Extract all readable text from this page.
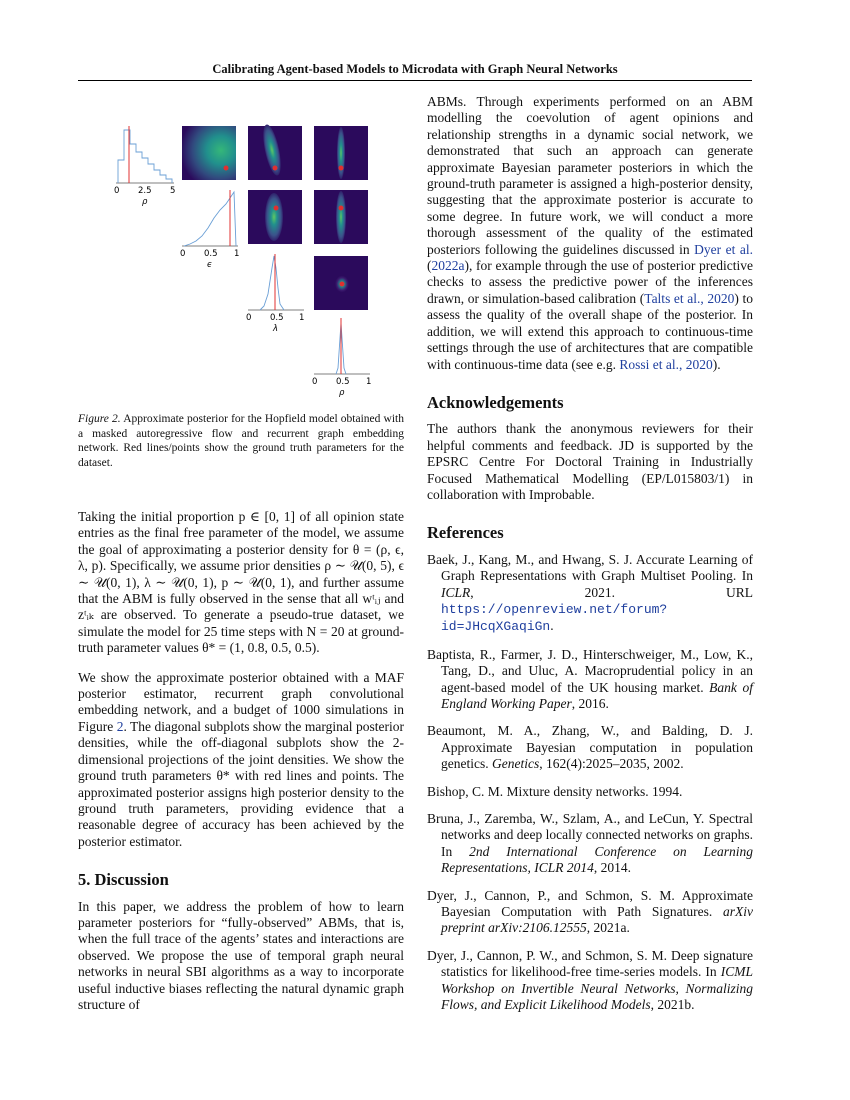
Calibrating Agent-based Models to Microdata with Graph Neural Networks
0 2.5 5
ρ
0 0.5 1
ϵ
0 0.5 1
λ
0 0.5 1
ρ
Figure 2. Approximate posterior for the Hopfield model obtained with a masked autoregressive flow and recurrent graph embedding network. Red lines/points show the ground truth parameters for the dataset.

Taking the initial proportion p ∈ [0, 1] of all opinion state entries as the final free parameter of the model, we assume the goal of approximating a posterior density for θ = (ρ, ϵ, λ, p). Specifically, we assume prior densities ρ ∼ 𝒰(0, 5), ϵ ∼ 𝒰(0, 1), λ ∼ 𝒰(0, 1), p ∼ 𝒰(0, 1), and further assume that the ABM is fully observed in the sense that all wᵗᵢⱼ and zᵗᵢₖ are observed. To generate a pseudo-true dataset, we simulate the model for 25 time steps with N = 20 at ground-truth parameter values θ* = (1, 0.8, 0.5, 0.5).

We show the approximate posterior obtained with a MAF posterior estimator, recurrent graph convolutional embedding network, and a budget of 1000 simulations in Figure 2. The diagonal subplots show the marginal posterior densities, while the off-diagonal subplots show the 2-dimensional projections of the joint densities. We show the ground truth parameters θ* with red lines and points. The approximated posterior assigns high posterior density to the ground truth parameters, providing evidence that a reasonable degree of accuracy has been achieved by the posterior estimator.

5. Discussion

In this paper, we address the problem of how to learn parameter posteriors for “fully-observed” ABMs, that is, when the full trace of the agents’ states and interactions are observed. We propose the use of temporal graph neural networks in neural SBI algorithms as a way to incorporate useful inductive biases reflecting the natural dynamic graph structure of

ABMs. Through experiments performed on an ABM modelling the coevolution of agent opinions and relationship strengths in a dynamic social network, we demonstrated that such an approach can generate approximate Bayesian parameter posteriors in which the ground-truth parameter is assigned a high-posterior density, suggesting that the approximate posterior is accurate to some degree. In future work, we will conduct a more thorough assessment of the quality of the estimated posteriors following the guidelines discussed in Dyer et al. (2022a), for example through the use of posterior predictive checks to assess the predictive power of the inferences drawn, or simulation-based calibration (Talts et al., 2020) to assess the quality of the overall shape of the posterior. In addition, we will extend this approach to continuous-time settings through the use of architectures that are compatible with continuous-time data (see e.g. Rossi et al., 2020).

Acknowledgements

The authors thank the anonymous reviewers for their helpful comments and feedback. JD is supported by the EPSRC Centre For Doctoral Training in Industrially Focused Mathematical Modelling (EP/L015803/1) in collaboration with Improbable.

References

Baek, J., Kang, M., and Hwang, S. J. Accurate Learning of Graph Representations with Graph Multiset Pooling. In ICLR, 2021. URL https://openreview.net/forum?id=JHcqXGaqiGn.

Baptista, R., Farmer, J. D., Hinterschweiger, M., Low, K., Tang, D., and Uluc, A. Macroprudential policy in an agent-based model of the UK housing market. Bank of England Working Paper, 2016.

Beaumont, M. A., Zhang, W., and Balding, D. J. Approximate Bayesian computation in population genetics. Genetics, 162(4):2025–2035, 2002.

Bishop, C. M. Mixture density networks. 1994.

Bruna, J., Zaremba, W., Szlam, A., and LeCun, Y. Spectral networks and deep locally connected networks on graphs. In 2nd International Conference on Learning Representations, ICLR 2014, 2014.

Dyer, J., Cannon, P., and Schmon, S. M. Approximate Bayesian Computation with Path Signatures. arXiv preprint arXiv:2106.12555, 2021a.

Dyer, J., Cannon, P. W., and Schmon, S. M. Deep signature statistics for likelihood-free time-series models. In ICML Workshop on Invertible Neural Networks, Normalizing Flows, and Explicit Likelihood Models, 2021b.
